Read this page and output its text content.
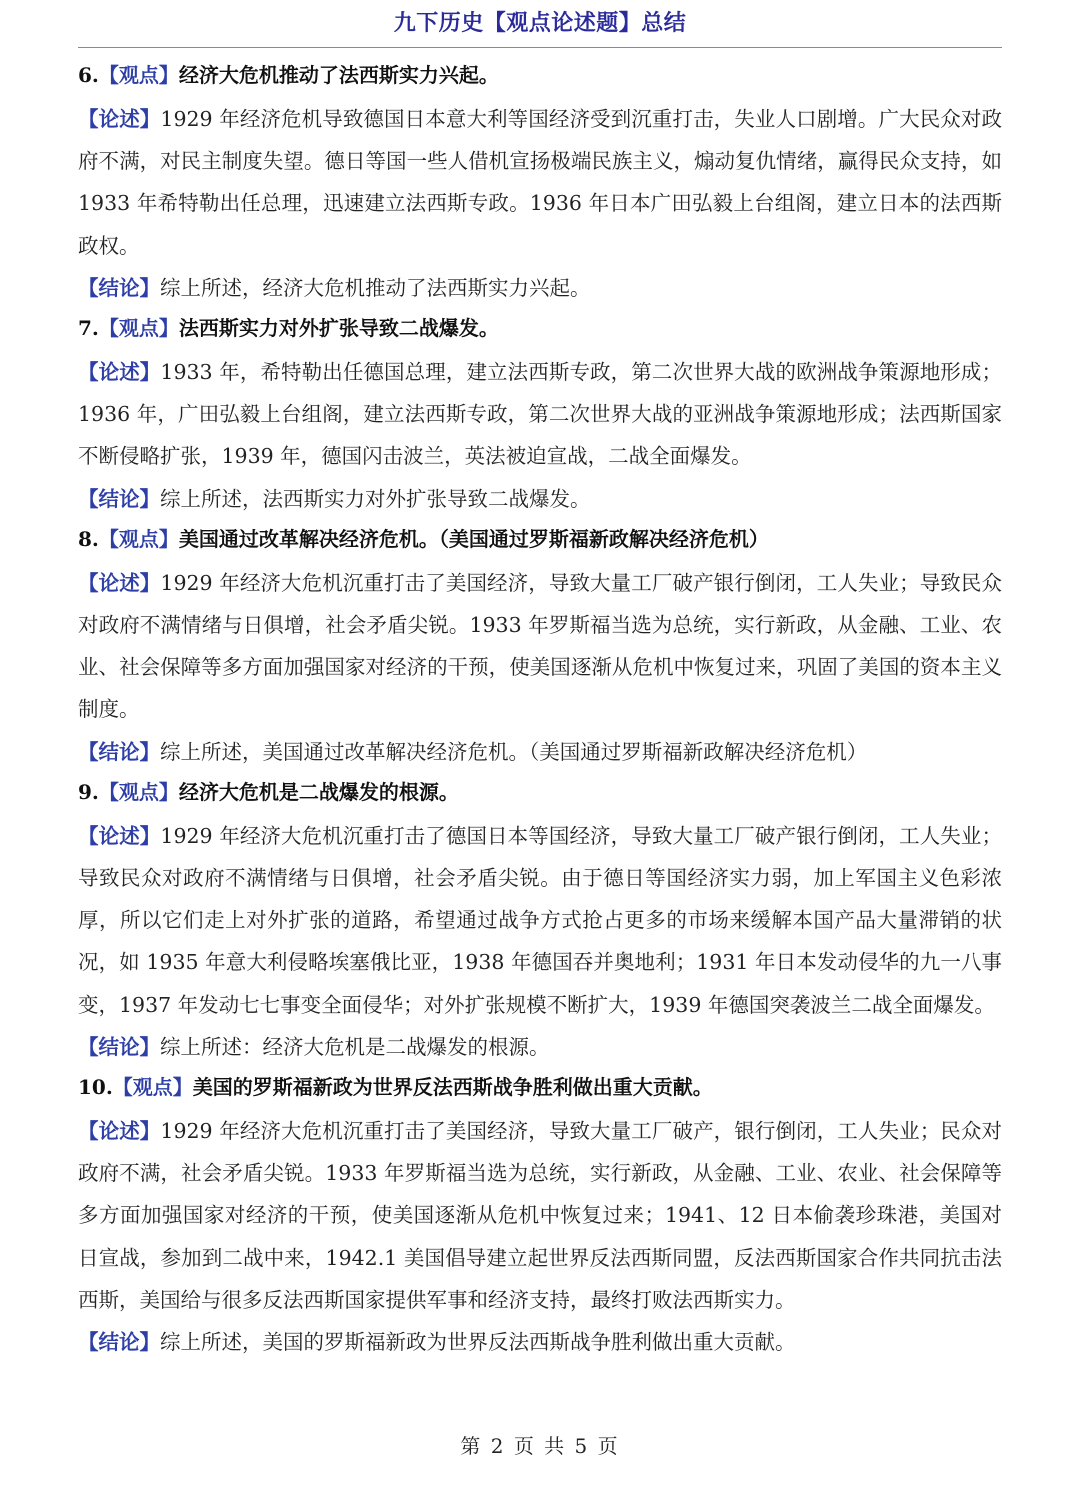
九下历史【观点论述题】总结
6.【观点】经济大危机推动了法西斯实力兴起。
【论述】1929 年经济危机导致德国日本意大利等国经济受到沉重打击，失业人口剧增。广大民众对政府不满，对民主制度失望。德日等国一些人借机宣扬极端民族主义，煽动复仇情绪，赢得民众支持，如 1933 年希特勒出任总理，迅速建立法西斯专政。1936 年日本广田弘毅上台组阁，建立日本的法西斯政权。
【结论】综上所述，经济大危机推动了法西斯实力兴起。
7.【观点】法西斯实力对外扩张导致二战爆发。
【论述】1933 年，希特勒出任德国总理，建立法西斯专政，第二次世界大战的欧洲战争策源地形成；1936 年，广田弘毅上台组阁，建立法西斯专政，第二次世界大战的亚洲战争策源地形成；法西斯国家不断侵略扩张，1939 年，德国闪击波兰，英法被迫宣战，二战全面爆发。
【结论】综上所述，法西斯实力对外扩张导致二战爆发。
8.【观点】美国通过改革解决经济危机。（美国通过罗斯福新政解决经济危机）
【论述】1929 年经济大危机沉重打击了美国经济，导致大量工厂破产银行倒闭，工人失业；导致民众对政府不满情绪与日俱增，社会矛盾尖锐。1933 年罗斯福当选为总统，实行新政，从金融、工业、农业、社会保障等多方面加强国家对经济的干预，使美国逐渐从危机中恢复过来，巩固了美国的资本主义制度。
【结论】综上所述，美国通过改革解决经济危机。（美国通过罗斯福新政解决经济危机）
9.【观点】经济大危机是二战爆发的根源。
【论述】1929 年经济大危机沉重打击了德国日本等国经济，导致大量工厂破产银行倒闭，工人失业；导致民众对政府不满情绪与日俱增，社会矛盾尖锐。由于德日等国经济实力弱，加上军国主义色彩浓厚，所以它们走上对外扩张的道路，希望通过战争方式抢占更多的市场来缓解本国产品大量滞销的状况，如 1935 年意大利侵略埃塞俄比亚，1938 年德国吞并奥地利；1931 年日本发动侵华的九一八事变，1937 年发动七七事变全面侵华；对外扩张规模不断扩大，1939 年德国突袭波兰二战全面爆发。
【结论】综上所述：经济大危机是二战爆发的根源。
10.【观点】美国的罗斯福新政为世界反法西斯战争胜利做出重大贡献。
【论述】1929 年经济大危机沉重打击了美国经济，导致大量工厂破产，银行倒闭，工人失业；民众对政府不满，社会矛盾尖锐。1933 年罗斯福当选为总统，实行新政，从金融、工业、农业、社会保障等多方面加强国家对经济的干预，使美国逐渐从危机中恢复过来；1941、12 日本偷袭珍珠港，美国对日宣战，参加到二战中来，1942.1 美国倡导建立起世界反法西斯同盟，反法西斯国家合作共同抗击法西斯，美国给与很多反法西斯国家提供军事和经济支持，最终打败法西斯实力。
【结论】综上所述，美国的罗斯福新政为世界反法西斯战争胜利做出重大贡献。
第 2 页 共 5 页
